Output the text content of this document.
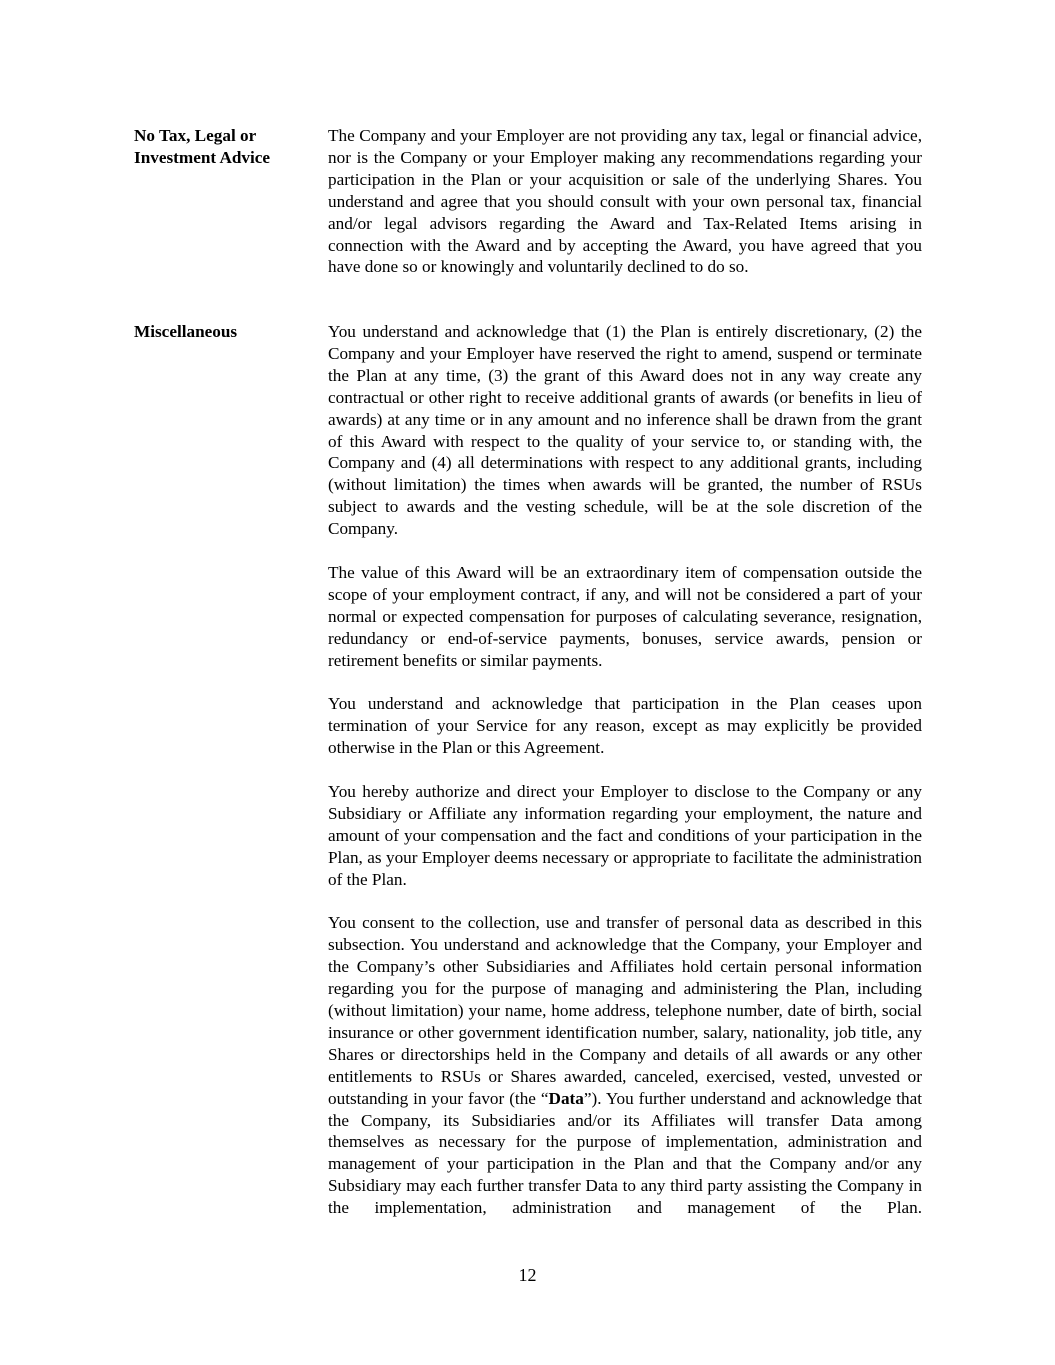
No Tax, Legal or
Investment Advice

The Company and your Employer are not providing any tax, legal or financial advice, nor is the Company or your Employer making any recommendations regarding your participation in the Plan or your acquisition or sale of the underlying Shares. You understand and agree that you should consult with your own personal tax, financial and/or legal advisors regarding the Award and Tax-Related Items arising in connection with the Award and by accepting the Award, you have agreed that you have done so or knowingly and voluntarily declined to do so.

Miscellaneous	You understand and acknowledge that (1) the Plan is entirely discretionary, (2) the Company and your Employer have reserved the right to amend, suspend or terminate the Plan at any time, (3) the grant of this Award does not in any way create any contractual or other right to receive additional grants of awards (or benefits in lieu of awards) at any time or in any amount and no inference shall be drawn from the grant of this Award with respect to the quality of your service to, or standing with, the Company and (4) all determinations with respect to any additional grants, including (without limitation) the times when awards will be granted, the number of RSUs subject to awards and the vesting schedule, will be at the sole discretion of the Company.

The value of this Award will be an extraordinary item of compensation outside the scope of your employment contract, if any, and will not be considered a part of your normal or expected compensation for purposes of calculating severance, resignation, redundancy or end-of-service payments, bonuses, service awards, pension or retirement benefits or similar payments.

You understand and acknowledge that participation in the Plan ceases upon termination of your Service for any reason, except as may explicitly be provided otherwise in the Plan or this Agreement.

You hereby authorize and direct your Employer to disclose to the Company or any Subsidiary or Affiliate any information regarding your employment, the nature and amount of your compensation and the fact and conditions of your participation in the Plan, as your Employer deems necessary or appropriate to facilitate the administration of the Plan.

You consent to the collection, use and transfer of personal data as described in this subsection. You understand and acknowledge that the Company, your Employer and the Company’s other Subsidiaries and Affiliates hold certain personal information regarding you for the purpose of managing and administering the Plan, including (without limitation) your name, home address, telephone number, date of birth, social insurance or other government identification number, salary, nationality, job title, any Shares or directorships held in the Company and details of all awards or any other entitlements to RSUs or Shares awarded, canceled, exercised, vested, unvested or outstanding in your favor (the “Data”). You further understand and acknowledge that the Company, its Subsidiaries and/or its Affiliates will transfer Data among themselves as necessary for the purpose of implementation, administration and management of your participation in the Plan and that the Company and/or any Subsidiary may each further transfer Data to any third party assisting the Company in the implementation, administration and management of the Plan.

12
